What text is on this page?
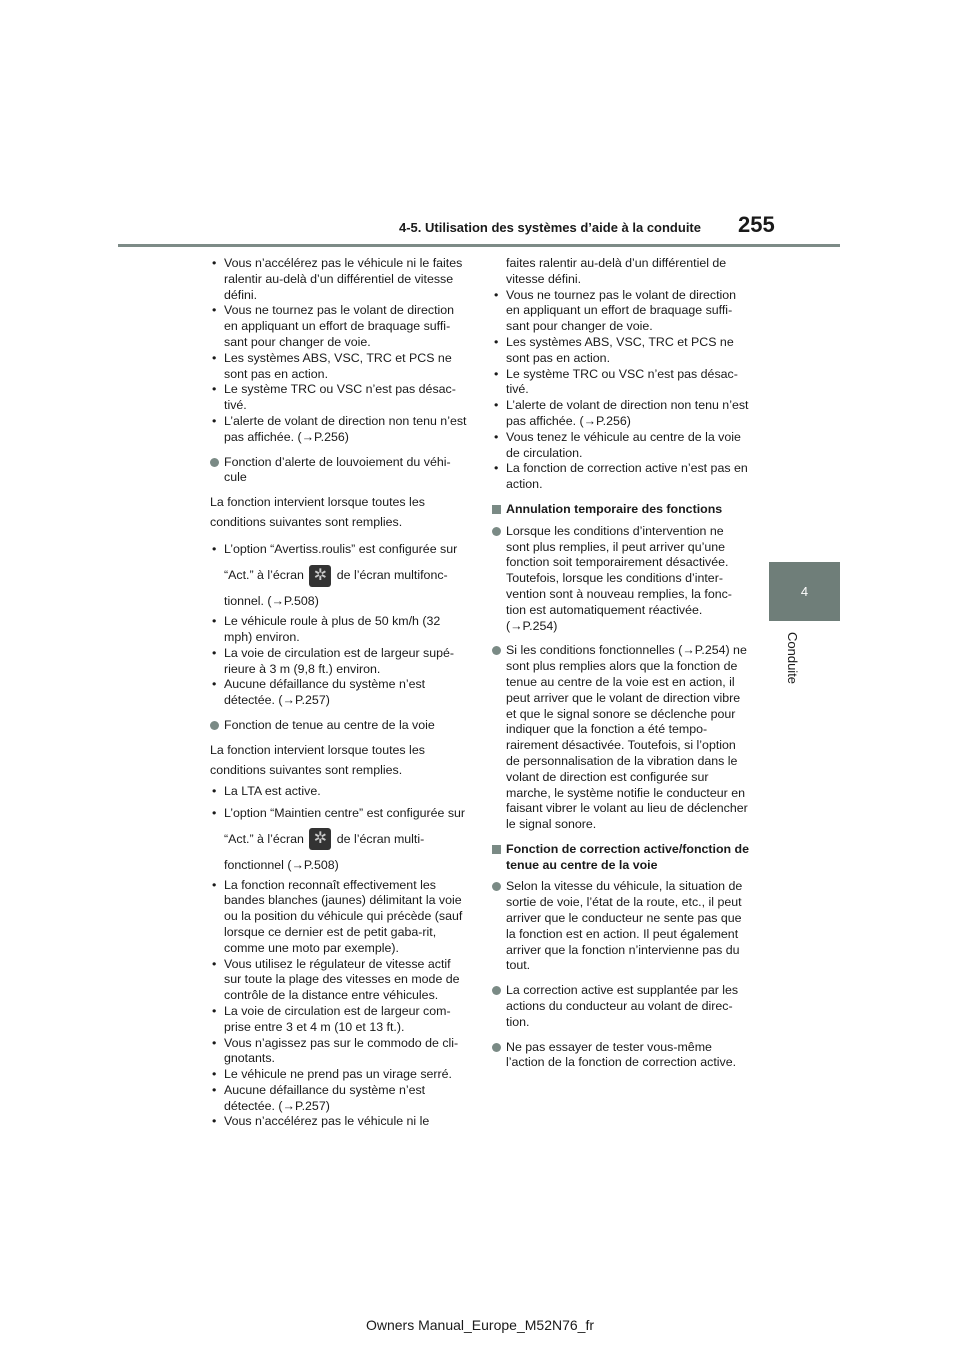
4-5. Utilisation des systèmes d’aide à la conduite 255
4
Conduite

• Vous n’accélérez pas le véhicule ni le faites ralentir au-delà d’un différentiel de vitesse défini.

• Vous ne tournez pas le volant de direction en appliquant un effort de braquage suffi-sant pour changer de voie.

• Les systèmes ABS, VSC, TRC et PCS ne sont pas en action.

• Le système TRC ou VSC n’est pas désac-tivé.

• L’alerte de volant de direction non tenu n’est pas affichée. (→P.256)

Fonction d’alerte de louvoiement du véhi-cule

La fonction intervient lorsque toutes les conditions suivantes sont remplies.

• L’option “Avertiss.roulis” est configurée sur “Act.” à l’écran ✲	de l’écran multifonc-tionnel. (→P.508)

• Le véhicule roule à plus de 50 km/h (32 mph) environ.

• La voie de circulation est de largeur supé-rieure à 3 m (9,8 ft.) environ.

• Aucune défaillance du système n’est détectée. (→P.257)

Fonction de tenue au centre de la voie

La fonction intervient lorsque toutes les conditions suivantes sont remplies.

• La LTA est active.

• L’option “Maintien centre” est configurée sur “Act.” à l’écran ✲	de l’écran multi-fonctionnel (→P.508)

• La fonction reconnaît effectivement les bandes blanches (jaunes) délimitant la voie ou la position du véhicule qui précède (sauf lorsque ce dernier est de petit gaba-rit, comme une moto par exemple).

• Vous utilisez le régulateur de vitesse actif sur toute la plage des vitesses en mode de contrôle de la distance entre véhicules.

• La voie de circulation est de largeur com-prise entre 3 et 4 m (10 et 13 ft.).

• Vous n’agissez pas sur le commodo de cli-gnotants.

• Le véhicule ne prend pas un virage serré.

• Aucune défaillance du système n’est détectée. (→P.257)

• Vous n’accélérez pas le véhicule ni le

faites ralentir au-delà d’un différentiel de vitesse défini.

• Vous ne tournez pas le volant de direction en appliquant un effort de braquage suffi-sant pour changer de voie.

• Les systèmes ABS, VSC, TRC et PCS ne sont pas en action.

• Le système TRC ou VSC n’est pas désac-tivé.

• L’alerte de volant de direction non tenu n’est pas affichée. (→P.256)

• Vous tenez le véhicule au centre de la voie de circulation.

• La fonction de correction active n’est pas en action.

Annulation temporaire des fonctions

Lorsque les conditions d’intervention ne sont plus remplies, il peut arriver qu’une fonction soit temporairement désactivée. Toutefois, lorsque les conditions d’inter-vention sont à nouveau remplies, la fonc-tion est automatiquement réactivée. (→P.254)

Si les conditions fonctionnelles (→P.254) ne sont plus remplies alors que la fonction de tenue au centre de la voie est en action, il peut arriver que le volant de direction vibre et que le signal sonore se déclenche pour indiquer que la fonction a été tempo-rairement désactivée. Toutefois, si l’option de personnalisation de la vibration dans le volant de direction est configurée sur marche, le système notifie le conducteur en faisant vibrer le volant au lieu de déclencher le signal sonore.

Fonction de correction active/fonction de tenue au centre de la voie

Selon la vitesse du véhicule, la situation de sortie de voie, l’état de la route, etc., il peut arriver que le conducteur ne sente pas que la fonction est en action. Il peut également arriver que la fonction n’intervienne pas du tout.

La correction active est supplantée par les actions du conducteur au volant de direc-tion.

Ne pas essayer de tester vous-même l’action de la fonction de correction active.

Owners Manual_Europe_M52N76_fr
